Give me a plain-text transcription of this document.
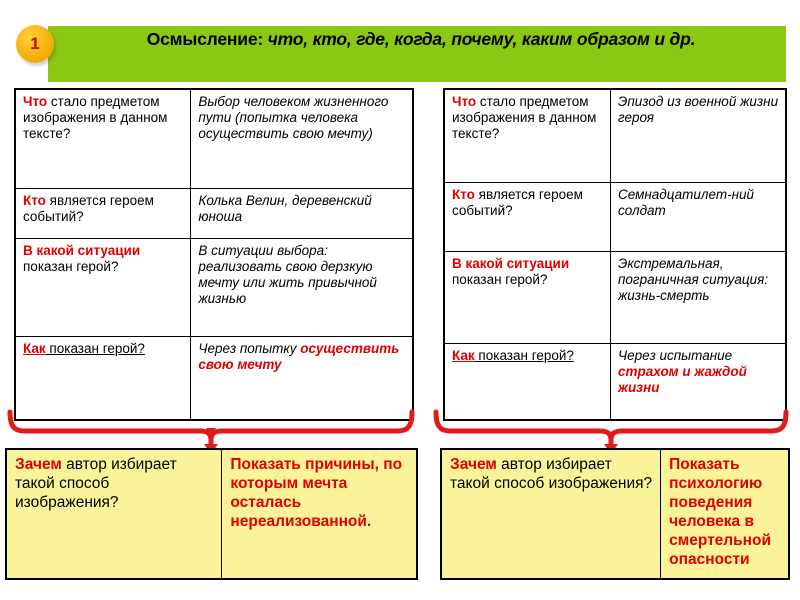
1	Осмысление: что, кто, где, когда, почему, каким образом и др.
Что стало предметом изображения в данном тексте?	Выбор человеком жизненного пути (попытка человека осуществить свою мечту)
Кто является героем событий?	Колька Велин, деревенский юноша
В какой ситуации показан герой?	В ситуации выбора: реализовать свою дерзкую мечту или жить привычной жизнью
Как показан герой?	Через попытку осуществить свою мечту
Что стало предметом изображения в данном тексте?	Эпизод из военной жизни героя
Кто является героем событий?	Семнадцатилет-ний солдат
В какой ситуации показан герой?	Экстремальная, пограничная ситуация: жизнь-смерть
Как показан герой?	Через испытание страхом и жаждой жизни
Зачем автор избирает такой способ изображения?	Показать причины, по которым мечта осталась нереализованной.
Зачем автор избирает такой способ изображения?	Показать психологию поведения человека в смертельной опасности
